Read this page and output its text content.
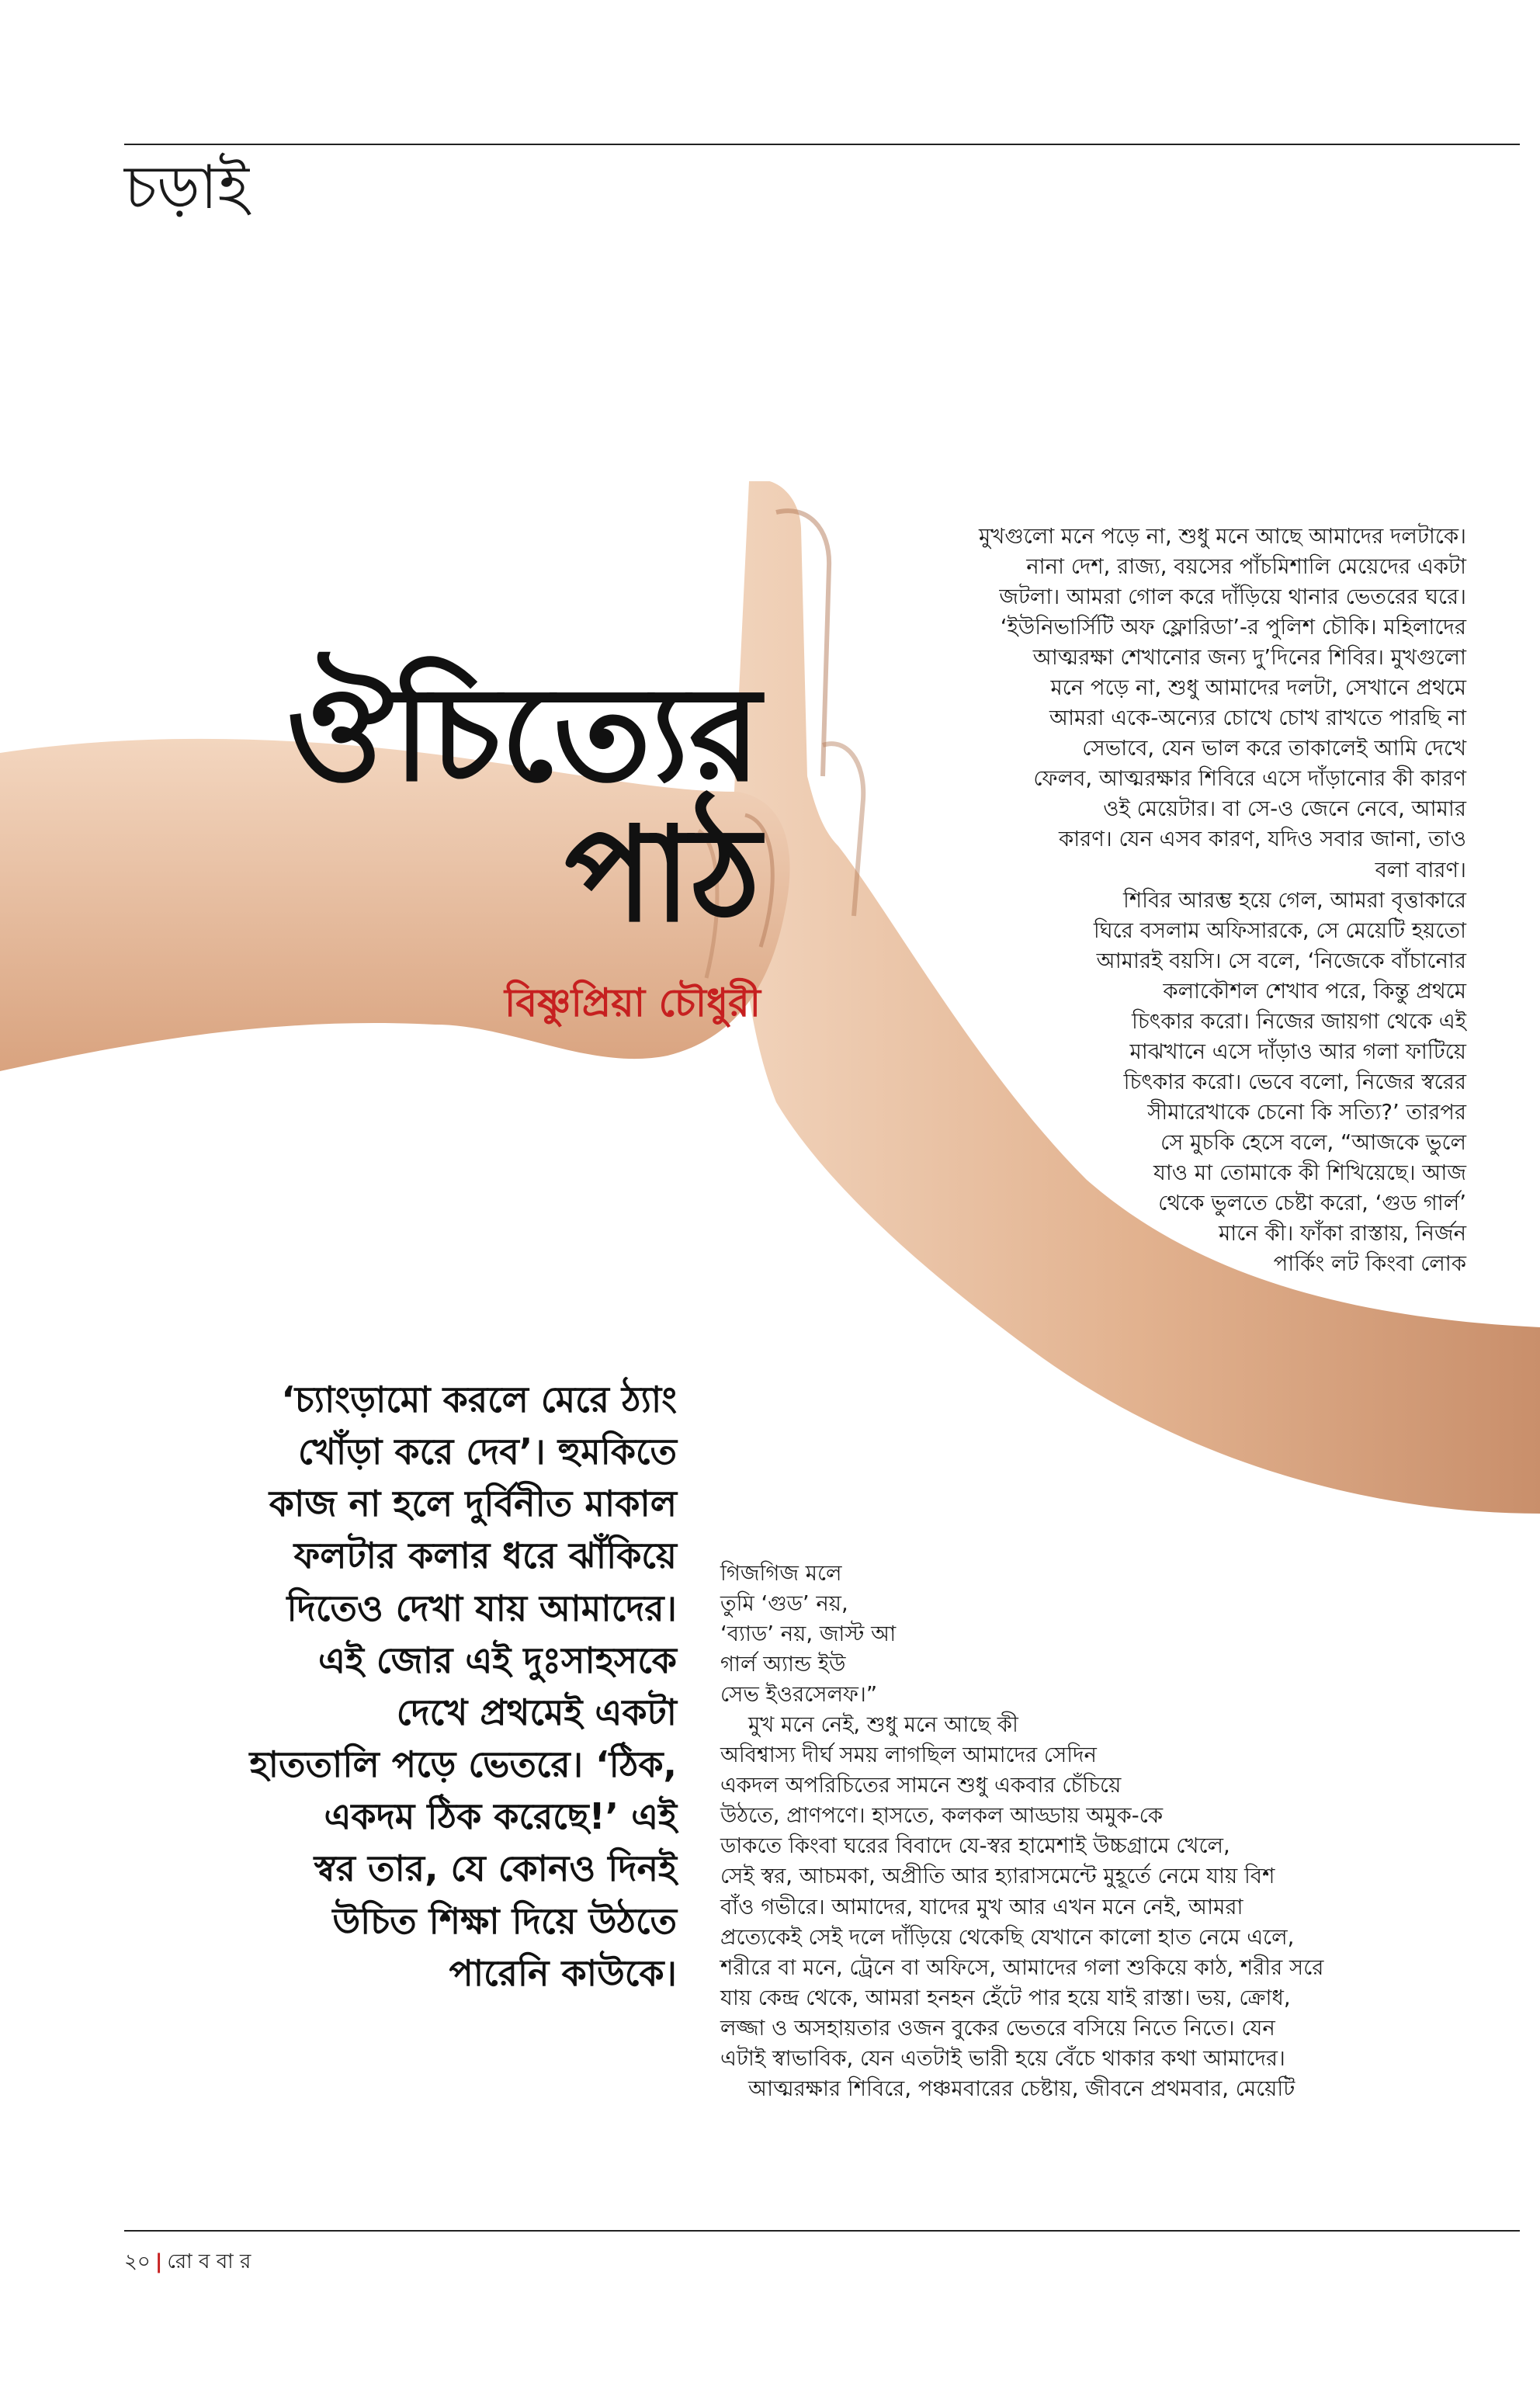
চড়াই
ঔচিত্যের
পাঠ
বিষ্ণুপ্রিয়া চৌধুরী
মুখগুলো মনে পড়ে না, শুধু মনে আছে আমাদের দলটাকে।
নানা দেশ, রাজ্য, বয়সের পাঁচমিশালি মেয়েদের একটা
জটলা। আমরা গোল করে দাঁড়িয়ে থানার ভেতরের ঘরে।
‘ইউনিভার্সিটি অফ ফ্লোরিডা’-র পুলিশ চৌকি। মহিলাদের
আত্মরক্ষা শেখানোর জন্য দু’দিনের শিবির। মুখগুলো
মনে পড়ে না, শুধু আমাদের দলটা, সেখানে প্রথমে
আমরা একে-অন্যের চোখে চোখ রাখতে পারছি না
সেভাবে, যেন ভাল করে তাকালেই আমি দেখে
ফেলব, আত্মরক্ষার শিবিরে এসে দাঁড়ানোর কী কারণ
ওই মেয়েটার। বা সে-ও জেনে নেবে, আমার
কারণ। যেন এসব কারণ, যদিও সবার জানা, তাও
বলা বারণ।
শিবির আরম্ভ হয়ে গেল, আমরা বৃত্তাকারে
ঘিরে বসলাম অফিসারকে, সে মেয়েটি হয়তো
আমারই বয়সি। সে বলে, ‘নিজেকে বাঁচানোর
কলাকৌশল শেখাব পরে, কিন্তু প্রথমে
চিৎকার করো। নিজের জায়গা থেকে এই
মাঝখানে এসে দাঁড়াও আর গলা ফাটিয়ে
চিৎকার করো। ভেবে বলো, নিজের স্বরের
সীমারেখাকে চেনো কি সত্যি?’ তারপর
সে মুচকি হেসে বলে, “আজকে ভুলে
যাও মা তোমাকে কী শিখিয়েছে। আজ
থেকে ভুলতে চেষ্টা করো, ‘গুড গার্ল’
মানে কী। ফাঁকা রাস্তায়, নির্জন
পার্কিং লট কিংবা লোক
‘চ্যাংড়ামো করলে মেরে ঠ্যাং
খোঁড়া করে দেব’। হুমকিতে
কাজ না হলে দুর্বিনীত মাকাল
ফলটার কলার ধরে ঝাঁকিয়ে
দিতেও দেখা যায় আমাদের।
এই জোর এই দুঃসাহসকে
দেখে প্রথমেই একটা
হাততালি পড়ে ভেতরে। ‘ঠিক,
একদম ঠিক করেছে!’ এই
স্বর তার, যে কোনও দিনই
উচিত শিক্ষা দিয়ে উঠতে
পারেনি কাউকে।
গিজগিজ মলে
তুমি ‘গুড’ নয়,
‘ব্যাড’ নয়, জাস্ট আ
গার্ল অ্যান্ড ইউ
সেভ ইওরসেলফ।”
মুখ মনে নেই, শুধু মনে আছে কী
অবিশ্বাস্য দীর্ঘ সময় লাগছিল আমাদের সেদিন
একদল অপরিচিতের সামনে শুধু একবার চেঁচিয়ে
উঠতে, প্রাণপণে। হাসতে, কলকল আড্ডায় অমুক-কে
ডাকতে কিংবা ঘরের বিবাদে যে-স্বর হামেশাই উচ্চগ্রামে খেলে,
সেই স্বর, আচমকা, অপ্রীতি আর হ্যারাসমেন্টে মুহূর্তে নেমে যায় বিশ
বাঁও গভীরে। আমাদের, যাদের মুখ আর এখন মনে নেই, আমরা
প্রত্যেকেই সেই দলে দাঁড়িয়ে থেকেছি যেখানে কালো হাত নেমে এলে,
শরীরে বা মনে, ট্রেনে বা অফিসে, আমাদের গলা শুকিয়ে কাঠ, শরীর সরে
যায় কেন্দ্র থেকে, আমরা হনহন হেঁটে পার হয়ে যাই রাস্তা। ভয়, ক্রোধ,
লজ্জা ও অসহায়তার ওজন বুকের ভেতরে বসিয়ে নিতে নিতে। যেন
এটাই স্বাভাবিক, যেন এতটাই ভারী হয়ে বেঁচে থাকার কথা আমাদের।
আত্মরক্ষার শিবিরে, পঞ্চমবারের চেষ্টায়, জীবনে প্রথমবার, মেয়েটি
২০ | রো ব বা র
